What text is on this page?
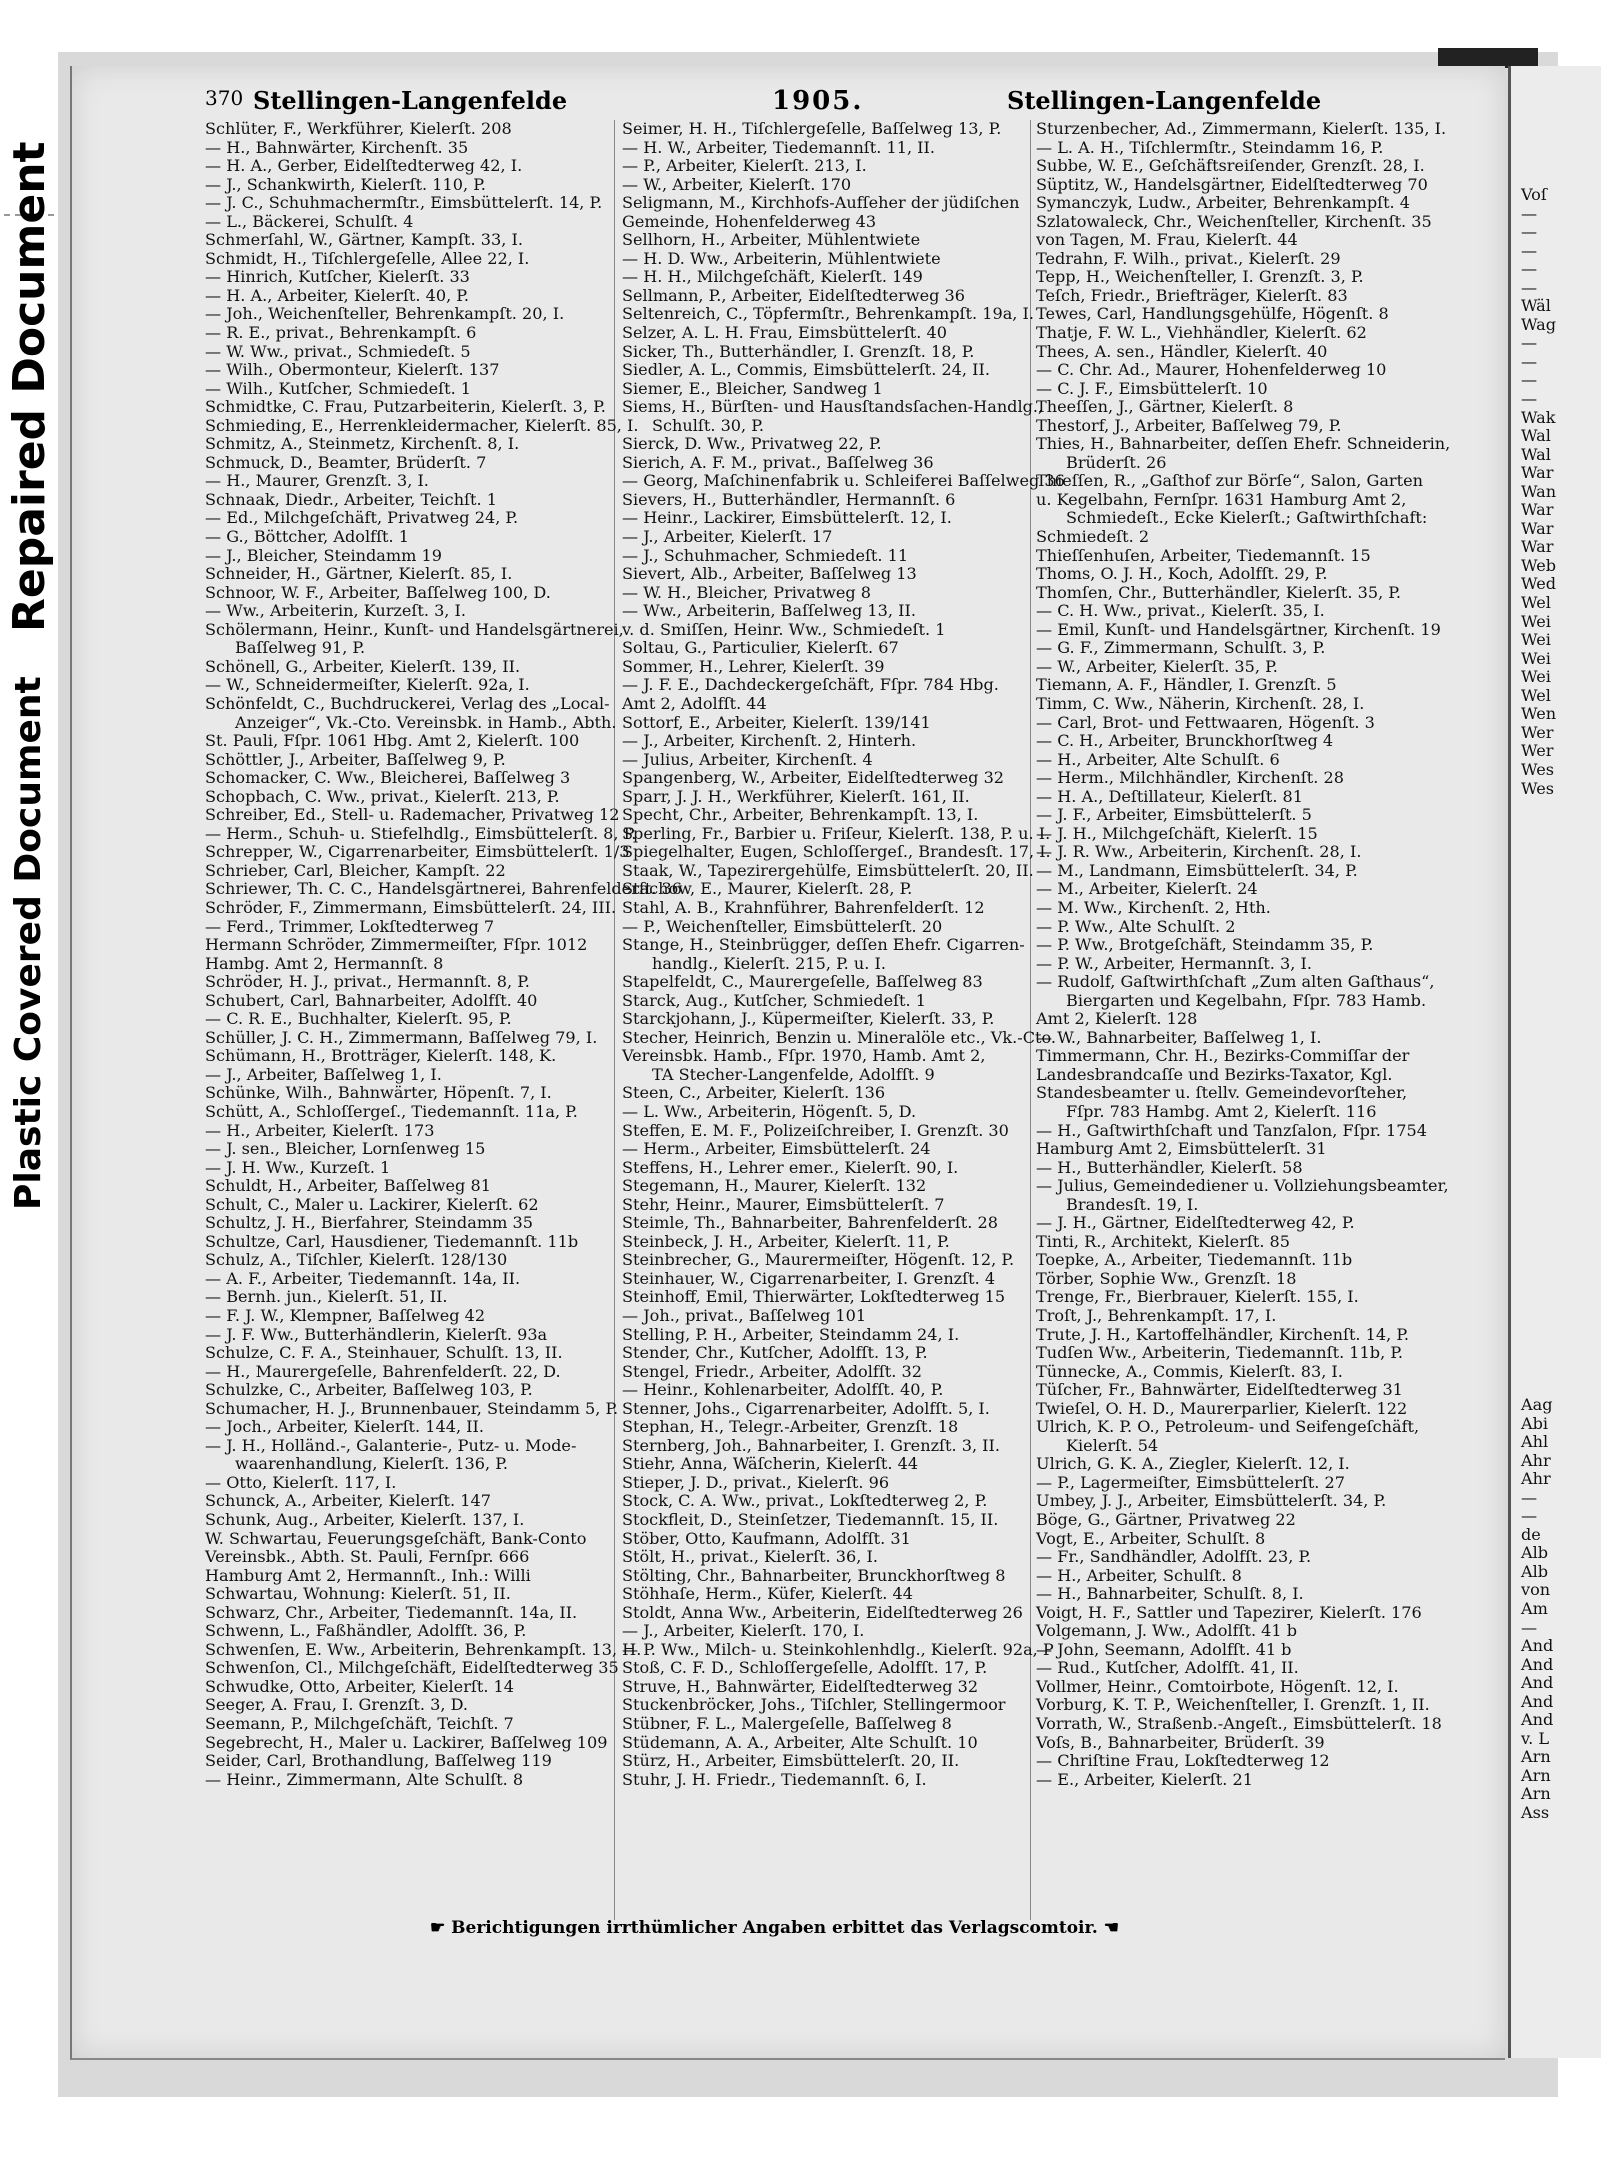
Repaired Document
Plastic Covered Document
Voſ
—
—
—
—
—
Wäl
Wag
—
—
—
—
Wak
Wal
Wal
War
Wan
War
War
War
Web
Wed
Wel
Wei
Wei
Wei
Wei
Wel
Wen
Wer
Wer
Wes
Wes
Aag
Abi
Ahl
Ahr
Ahr
—
—
de
Alb
Alb
von
Am
—
And
And
And
And
And
v. L
Arn
Arn
Arn
Ass
370 Stellingen-Langenfelde	1905.	Stellingen-Langenfelde
Schlüter, F., Werkführer, Kielerſt. 208
— H., Bahnwärter, Kirchenſt. 35
— H. A., Gerber, Eidelſtedterweg 42, I.
— J., Schankwirth, Kielerſt. 110, P.
— J. C., Schuhmachermſtr., Eimsbüttelerſt. 14, P.
— L., Bäckerei, Schulſt. 4
Schmerſahl, W., Gärtner, Kampſt. 33, I.
Schmidt, H., Tiſchlergeſelle, Allee 22, I.
— Hinrich, Kutſcher, Kielerſt. 33
— H. A., Arbeiter, Kielerſt. 40, P.
— Joh., Weichenſteller, Behrenkampſt. 20, I.
— R. E., privat., Behrenkampſt. 6
— W. Ww., privat., Schmiedeſt. 5
— Wilh., Obermonteur, Kielerſt. 137
— Wilh., Kutſcher, Schmiedeſt. 1
Schmidtke, C. Frau, Putzarbeiterin, Kielerſt. 3, P.
Schmieding, E., Herrenkleidermacher, Kielerſt. 85, I.
Schmitz, A., Steinmetz, Kirchenſt. 8, I.
Schmuck, D., Beamter, Brüderſt. 7
— H., Maurer, Grenzſt. 3, I.
Schnaak, Diedr., Arbeiter, Teichſt. 1
— Ed., Milchgeſchäft, Privatweg 24, P.
— G., Böttcher, Adolfſt. 1
— J., Bleicher, Steindamm 19
Schneider, H., Gärtner, Kielerſt. 85, I.
Schnoor, W. F., Arbeiter, Baſſelweg 100, D.
— Ww., Arbeiterin, Kurzeſt. 3, I.
Schölermann, Heinr., Kunſt- und Handelsgärtnerei,
Baſſelweg 91, P.
Schönell, G., Arbeiter, Kielerſt. 139, II.
— W., Schneidermeiſter, Kielerſt. 92a, I.
Schönfeldt, C., Buchdruckerei, Verlag des „Local-
Anzeiger“, Vk.-Cto. Vereinsbk. in Hamb., Abth.
St. Pauli, Fſpr. 1061 Hbg. Amt 2, Kielerſt. 100
Schöttler, J., Arbeiter, Baſſelweg 9, P.
Schomacker, C. Ww., Bleicherei, Baſſelweg 3
Schopbach, C. Ww., privat., Kielerſt. 213, P.
Schreiber, Ed., Stell- u. Rademacher, Privatweg 12
— Herm., Schuh- u. Stiefelhdlg., Eimsbüttelerſt. 8, P.
Schrepper, W., Cigarrenarbeiter, Eimsbüttelerſt. 1/3
Schrieber, Carl, Bleicher, Kampſt. 22
Schriewer, Th. C. C., Handelsgärtnerei, Bahrenfelderſt. 36
Schröder, F., Zimmermann, Eimsbüttelerſt. 24, III.
— Ferd., Trimmer, Lokſtedterweg 7
Hermann Schröder, Zimmermeiſter, Fſpr. 1012
Hambg. Amt 2, Hermannſt. 8
Schröder, H. J., privat., Hermannſt. 8, P.
Schubert, Carl, Bahnarbeiter, Adolfſt. 40
— C. R. E., Buchhalter, Kielerſt. 95, P.
Schüller, J. C. H., Zimmermann, Baſſelweg 79, I.
Schümann, H., Brotträger, Kielerſt. 148, K.
— J., Arbeiter, Baſſelweg 1, I.
Schünke, Wilh., Bahnwärter, Höpenſt. 7, I.
Schütt, A., Schloſſergeſ., Tiedemannſt. 11a, P.
— H., Arbeiter, Kielerſt. 173
— J. sen., Bleicher, Lornſenweg 15
— J. H. Ww., Kurzeſt. 1
Schuldt, H., Arbeiter, Baſſelweg 81
Schult, C., Maler u. Lackirer, Kielerſt. 62
Schultz, J. H., Bierfahrer, Steindamm 35
Schultze, Carl, Hausdiener, Tiedemannſt. 11b
Schulz, A., Tiſchler, Kielerſt. 128/130
— A. F., Arbeiter, Tiedemannſt. 14a, II.
— Bernh. jun., Kielerſt. 51, II.
— F. J. W., Klempner, Baſſelweg 42
— J. F. Ww., Butterhändlerin, Kielerſt. 93a
Schulze, C. F. A., Steinhauer, Schulſt. 13, II.
— H., Maurergeſelle, Bahrenfelderſt. 22, D.
Schulzke, C., Arbeiter, Baſſelweg 103, P.
Schumacher, H. J., Brunnenbauer, Steindamm 5, P.
— Joch., Arbeiter, Kielerſt. 144, II.
— J. H., Holländ.-, Galanterie-, Putz- u. Mode-
waarenhandlung, Kielerſt. 136, P.
— Otto, Kielerſt. 117, I.
Schunck, A., Arbeiter, Kielerſt. 147
Schunk, Aug., Arbeiter, Kielerſt. 137, I.
W. Schwartau, Feuerungsgeſchäft, Bank-Conto
Vereinsbk., Abth. St. Pauli, Fernſpr. 666
Hamburg Amt 2, Hermannſt., Inh.: Willi
Schwartau, Wohnung: Kielerſt. 51, II.
Schwarz, Chr., Arbeiter, Tiedemannſt. 14a, II.
Schwenn, L., Faßhändler, Adolfſt. 36, P.
Schwenſen, E. Ww., Arbeiterin, Behrenkampſt. 13, H.
Schwenſon, Cl., Milchgeſchäft, Eidelſtedterweg 35
Schwudke, Otto, Arbeiter, Kielerſt. 14
Seeger, A. Frau, I. Grenzſt. 3, D.
Seemann, P., Milchgeſchäft, Teichſt. 7
Segebrecht, H., Maler u. Lackirer, Baſſelweg 109
Seider, Carl, Brothandlung, Baſſelweg 119
— Heinr., Zimmermann, Alte Schulſt. 8
Seimer, H. H., Tiſchlergeſelle, Baſſelweg 13, P.
— H. W., Arbeiter, Tiedemannſt. 11, II.
— P., Arbeiter, Kielerſt. 213, I.
— W., Arbeiter, Kielerſt. 170
Seligmann, M., Kirchhofs-Aufſeher der jüdiſchen
Gemeinde, Hohenfelderweg 43
Sellhorn, H., Arbeiter, Mühlentwiete
— H. D. Ww., Arbeiterin, Mühlentwiete
— H. H., Milchgeſchäft, Kielerſt. 149
Sellmann, P., Arbeiter, Eidelſtedterweg 36
Seltenreich, C., Töpfermſtr., Behrenkampſt. 19a, I.
Selzer, A. L. H. Frau, Eimsbüttelerſt. 40
Sicker, Th., Butterhändler, I. Grenzſt. 18, P.
Siedler, A. L., Commis, Eimsbüttelerſt. 24, II.
Siemer, E., Bleicher, Sandweg 1
Siems, H., Bürſten- und Hausſtandsſachen-Handlg.,
Schulſt. 30, P.
Sierck, D. Ww., Privatweg 22, P.
Sierich, A. F. M., privat., Baſſelweg 36
— Georg, Maſchinenfabrik u. Schleiferei Baſſelweg 36
Sievers, H., Butterhändler, Hermannſt. 6
— Heinr., Lackirer, Eimsbüttelerſt. 12, I.
— J., Arbeiter, Kielerſt. 17
— J., Schuhmacher, Schmiedeſt. 11
Sievert, Alb., Arbeiter, Baſſelweg 13
— W. H., Bleicher, Privatweg 8
— Ww., Arbeiterin, Baſſelweg 13, II.
v. d. Smiſſen, Heinr. Ww., Schmiedeſt. 1
Soltau, G., Particulier, Kielerſt. 67
Sommer, H., Lehrer, Kielerſt. 39
— J. F. E., Dachdeckergeſchäft, Fſpr. 784 Hbg.
Amt 2, Adolfſt. 44
Sottorf, E., Arbeiter, Kielerſt. 139/141
— J., Arbeiter, Kirchenſt. 2, Hinterh.
— Julius, Arbeiter, Kirchenſt. 4
Spangenberg, W., Arbeiter, Eidelſtedterweg 32
Sparr, J. J. H., Werkführer, Kielerſt. 161, II.
Specht, Chr., Arbeiter, Behrenkampſt. 13, I.
Sperling, Fr., Barbier u. Friſeur, Kielerſt. 138, P. u. I.
Spiegelhalter, Eugen, Schloſſergeſ., Brandesſt. 17, I.
Staak, W., Tapezirergehülfe, Eimsbüttelerſt. 20, II.
Stachow, E., Maurer, Kielerſt. 28, P.
Stahl, A. B., Krahnführer, Bahrenfelderſt. 12
— P., Weichenſteller, Eimsbüttelerſt. 20
Stange, H., Steinbrügger, deſſen Ehefr. Cigarren-
handlg., Kielerſt. 215, P. u. I.
Stapelfeldt, C., Maurergeſelle, Baſſelweg 83
Starck, Aug., Kutſcher, Schmiedeſt. 1
Starckjohann, J., Küpermeiſter, Kielerſt. 33, P.
Stecher, Heinrich, Benzin u. Mineralöle etc., Vk.-Cto.
Vereinsbk. Hamb., Fſpr. 1970, Hamb. Amt 2,
TA Stecher-Langenfelde, Adolfſt. 9
Steen, C., Arbeiter, Kielerſt. 136
— L. Ww., Arbeiterin, Högenſt. 5, D.
Steffen, E. M. F., Polizeiſchreiber, I. Grenzſt. 30
— Herm., Arbeiter, Eimsbüttelerſt. 24
Steffens, H., Lehrer emer., Kielerſt. 90, I.
Stegemann, H., Maurer, Kielerſt. 132
Stehr, Heinr., Maurer, Eimsbüttelerſt. 7
Steimle, Th., Bahnarbeiter, Bahrenfelderſt. 28
Steinbeck, J. H., Arbeiter, Kielerſt. 11, P.
Steinbrecher, G., Maurermeiſter, Högenſt. 12, P.
Steinhauer, W., Cigarrenarbeiter, I. Grenzſt. 4
Steinhoff, Emil, Thierwärter, Lokſtedterweg 15
— Joh., privat., Baſſelweg 101
Stelling, P. H., Arbeiter, Steindamm 24, I.
Stender, Chr., Kutſcher, Adolfſt. 13, P.
Stengel, Friedr., Arbeiter, Adolfſt. 32
— Heinr., Kohlenarbeiter, Adolfſt. 40, P.
Stenner, Johs., Cigarrenarbeiter, Adolfſt. 5, I.
Stephan, H., Telegr.-Arbeiter, Grenzſt. 18
Sternberg, Joh., Bahnarbeiter, I. Grenzſt. 3, II.
Stiehr, Anna, Wäſcherin, Kielerſt. 44
Stieper, J. D., privat., Kielerſt. 96
Stock, C. A. Ww., privat., Lokſtedterweg 2, P.
Stockfleit, D., Steinſetzer, Tiedemannſt. 15, II.
Stöber, Otto, Kaufmann, Adolfſt. 31
Stölt, H., privat., Kielerſt. 36, I.
Stölting, Chr., Bahnarbeiter, Brunckhorſtweg 8
Stöhhaſe, Herm., Küfer, Kielerſt. 44
Stoldt, Anna Ww., Arbeiterin, Eidelſtedterweg 26
— J., Arbeiter, Kielerſt. 170, I.
— P. Ww., Milch- u. Steinkohlenhdlg., Kielerſt. 92a, P
Stoß, C. F. D., Schloſſergeſelle, Adolfſt. 17, P.
Struve, H., Bahnwärter, Eidelſtedterweg 32
Stuckenbröcker, Johs., Tiſchler, Stellingermoor
Stübner, F. L., Malergeſelle, Baſſelweg 8
Stüdemann, A. A., Arbeiter, Alte Schulſt. 10
Stürz, H., Arbeiter, Eimsbüttelerſt. 20, II.
Stuhr, J. H. Friedr., Tiedemannſt. 6, I.
Sturzenbecher, Ad., Zimmermann, Kielerſt. 135, I.
— L. A. H., Tiſchlermſtr., Steindamm 16, P.
Subbe, W. E., Geſchäftsreiſender, Grenzſt. 28, I.
Süptitz, W., Handelsgärtner, Eidelſtedterweg 70
Symanczyk, Ludw., Arbeiter, Behrenkampſt. 4
Szlatowaleck, Chr., Weichenſteller, Kirchenſt. 35
von Tagen, M. Frau, Kielerſt. 44
Tedrahn, F. Wilh., privat., Kielerſt. 29
Tepp, H., Weichenſteller, I. Grenzſt. 3, P.
Teſch, Friedr., Briefträger, Kielerſt. 83
Tewes, Carl, Handlungsgehülfe, Högenſt. 8
Thatje, F. W. L., Viehhändler, Kielerſt. 62
Thees, A. sen., Händler, Kielerſt. 40
— C. Chr. Ad., Maurer, Hohenfelderweg 10
— C. J. F., Eimsbüttelerſt. 10
Theeſſen, J., Gärtner, Kielerſt. 8
Thestorf, J., Arbeiter, Baſſelweg 79, P.
Thies, H., Bahnarbeiter, deſſen Ehefr. Schneiderin,
Brüderſt. 26
Thieſſen, R., „Gaſthof zur Börſe“, Salon, Garten
u. Kegelbahn, Fernſpr. 1631 Hamburg Amt 2,
Schmiedeſt., Ecke Kielerſt.; Gaſtwirthſchaft:
Schmiedeſt. 2
Thieſſenhuſen, Arbeiter, Tiedemannſt. 15
Thoms, O. J. H., Koch, Adolfſt. 29, P.
Thomſen, Chr., Butterhändler, Kielerſt. 35, P.
— C. H. Ww., privat., Kielerſt. 35, I.
— Emil, Kunſt- und Handelsgärtner, Kirchenſt. 19
— G. F., Zimmermann, Schulſt. 3, P.
— W., Arbeiter, Kielerſt. 35, P.
Tiemann, A. F., Händler, I. Grenzſt. 5
Timm, C. Ww., Näherin, Kirchenſt. 28, I.
— Carl, Brot- und Fettwaaren, Högenſt. 3
— C. H., Arbeiter, Brunckhorſtweg 4
— H., Arbeiter, Alte Schulſt. 6
— Herm., Milchhändler, Kirchenſt. 28
— H. A., Deſtillateur, Kielerſt. 81
— J. F., Arbeiter, Eimsbüttelerſt. 5
— J. H., Milchgeſchäft, Kielerſt. 15
— J. R. Ww., Arbeiterin, Kirchenſt. 28, I.
— M., Landmann, Eimsbüttelerſt. 34, P.
— M., Arbeiter, Kielerſt. 24
— M. Ww., Kirchenſt. 2, Hth.
— P. Ww., Alte Schulſt. 2
— P. Ww., Brotgeſchäft, Steindamm 35, P.
— P. W., Arbeiter, Hermannſt. 3, I.
— Rudolf, Gaſtwirthſchaft „Zum alten Gaſthaus“,
Biergarten und Kegelbahn, Fſpr. 783 Hamb.
Amt 2, Kielerſt. 128
— W., Bahnarbeiter, Baſſelweg 1, I.
Timmermann, Chr. H., Bezirks-Commiſſar der
Landesbrandcaſſe und Bezirks-Taxator, Kgl.
Standesbeamter u. ſtellv. Gemeindevorſteher,
Fſpr. 783 Hambg. Amt 2, Kielerſt. 116
— H., Gaſtwirthſchaft und Tanzſalon, Fſpr. 1754
Hamburg Amt 2, Eimsbüttelerſt. 31
— H., Butterhändler, Kielerſt. 58
— Julius, Gemeindediener u. Vollziehungsbeamter,
Brandesſt. 19, I.
— J. H., Gärtner, Eidelſtedterweg 42, P.
Tinti, R., Architekt, Kielerſt. 85
Toepke, A., Arbeiter, Tiedemannſt. 11b
Törber, Sophie Ww., Grenzſt. 18
Trenge, Fr., Bierbrauer, Kielerſt. 155, I.
Troſt, J., Behrenkampſt. 17, I.
Trute, J. H., Kartoffelhändler, Kirchenſt. 14, P.
Tudſen Ww., Arbeiterin, Tiedemannſt. 11b, P.
Tünnecke, A., Commis, Kielerſt. 83, I.
Tüſcher, Fr., Bahnwärter, Eidelſtedterweg 31
Twieſel, O. H. D., Maurerparlier, Kielerſt. 122
Ulrich, K. P. O., Petroleum- und Seifengeſchäft,
Kielerſt. 54
Ulrich, G. K. A., Ziegler, Kielerſt. 12, I.
— P., Lagermeiſter, Eimsbüttelerſt. 27
Umbey, J. J., Arbeiter, Eimsbüttelerſt. 34, P.
Böge, G., Gärtner, Privatweg 22
Vogt, E., Arbeiter, Schulſt. 8
— Fr., Sandhändler, Adolfſt. 23, P.
— H., Arbeiter, Schulſt. 8
— H., Bahnarbeiter, Schulſt. 8, I.
Voigt, H. F., Sattler und Tapezirer, Kielerſt. 176
Volgemann, J. Ww., Adolfſt. 41 b
— John, Seemann, Adolfſt. 41 b
— Rud., Kutſcher, Adolfſt. 41, II.
Vollmer, Heinr., Comtoirbote, Högenſt. 12, I.
Vorburg, K. T. P., Weichenſteller, I. Grenzſt. 1, II.
Vorrath, W., Straßenb.-Angeſt., Eimsbüttelerſt. 18
Voſs, B., Bahnarbeiter, Brüderſt. 39
— Chriſtine Frau, Lokſtedterweg 12
— E., Arbeiter, Kielerſt. 21
☛ Berichtigungen irrthümlicher Angaben erbittet das Verlagscomtoir. ☚
